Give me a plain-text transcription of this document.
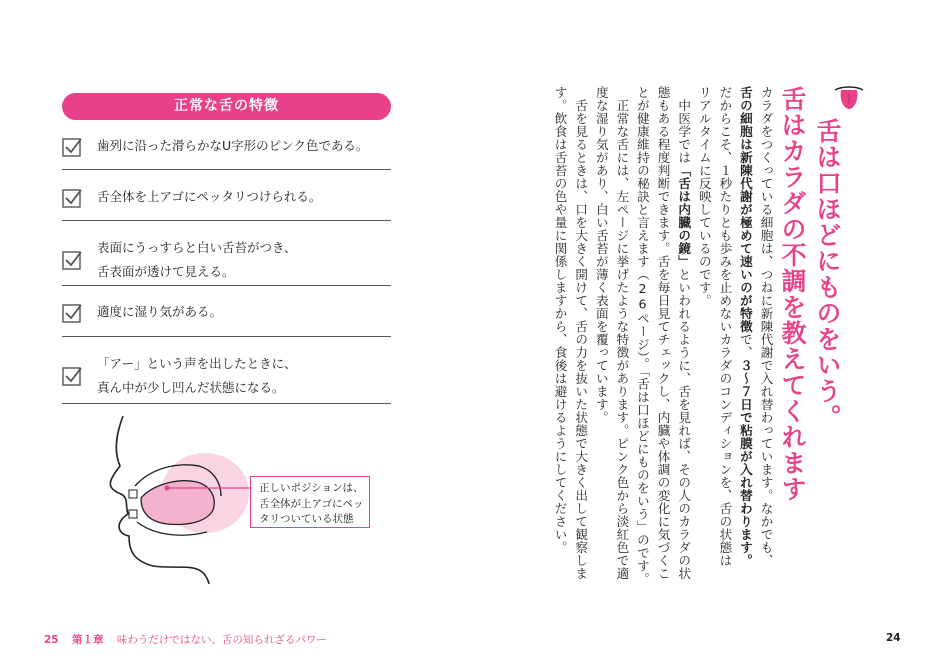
正常な舌の特徴
歯列に沿った滑らかなU字形のピンク色である。
舌全体を上アゴにペッタリつけられる。
表面にうっすらと白い舌苔がつき、
舌表面が透けて見える。
適度に湿り気がある。
「アー」という声を出したときに、
真ん中が少し凹んだ状態になる。
正しいポジションは、
舌全体が上アゴにペッ
タリついている状態
25 第１章 味わうだけではない、舌の知られざるパワー
舌は口ほどにものをいう。
舌はカラダの不調を教えてくれます
カラダをつくっている細胞は、つねに新陳代謝で入れ替わっています。なかでも、
舌の細胞は新陳代謝が極めて速いのが特徴で、３〜７日で粘膜が入れ替わります。
だからこそ、１秒たりとも歩みを止めないカラダのコンディションを、舌の状態は
リアルタイムに反映しているのです。
　中医学では「舌は内臓の鏡」といわれるように、舌を見れば、その人のカラダの状
態もある程度判断できます。舌を毎日見てチェックし、内臓や体調の変化に気づくこ
とが健康維持の秘訣と言えます（26ページ）。「舌は口ほどにものをいう」のです。
　正常な舌には、左ページに挙げたような特徴があります。ピンク色から淡紅色で適
度な湿り気があり、白い舌苔が薄く表面を覆っています。
　舌を見るときは、口を大きく開けて、舌の力を抜いた状態で大きく出して観察しま
す。飲食は舌苔の色や量に関係しますから、食後は避けるようにしてください。
24
